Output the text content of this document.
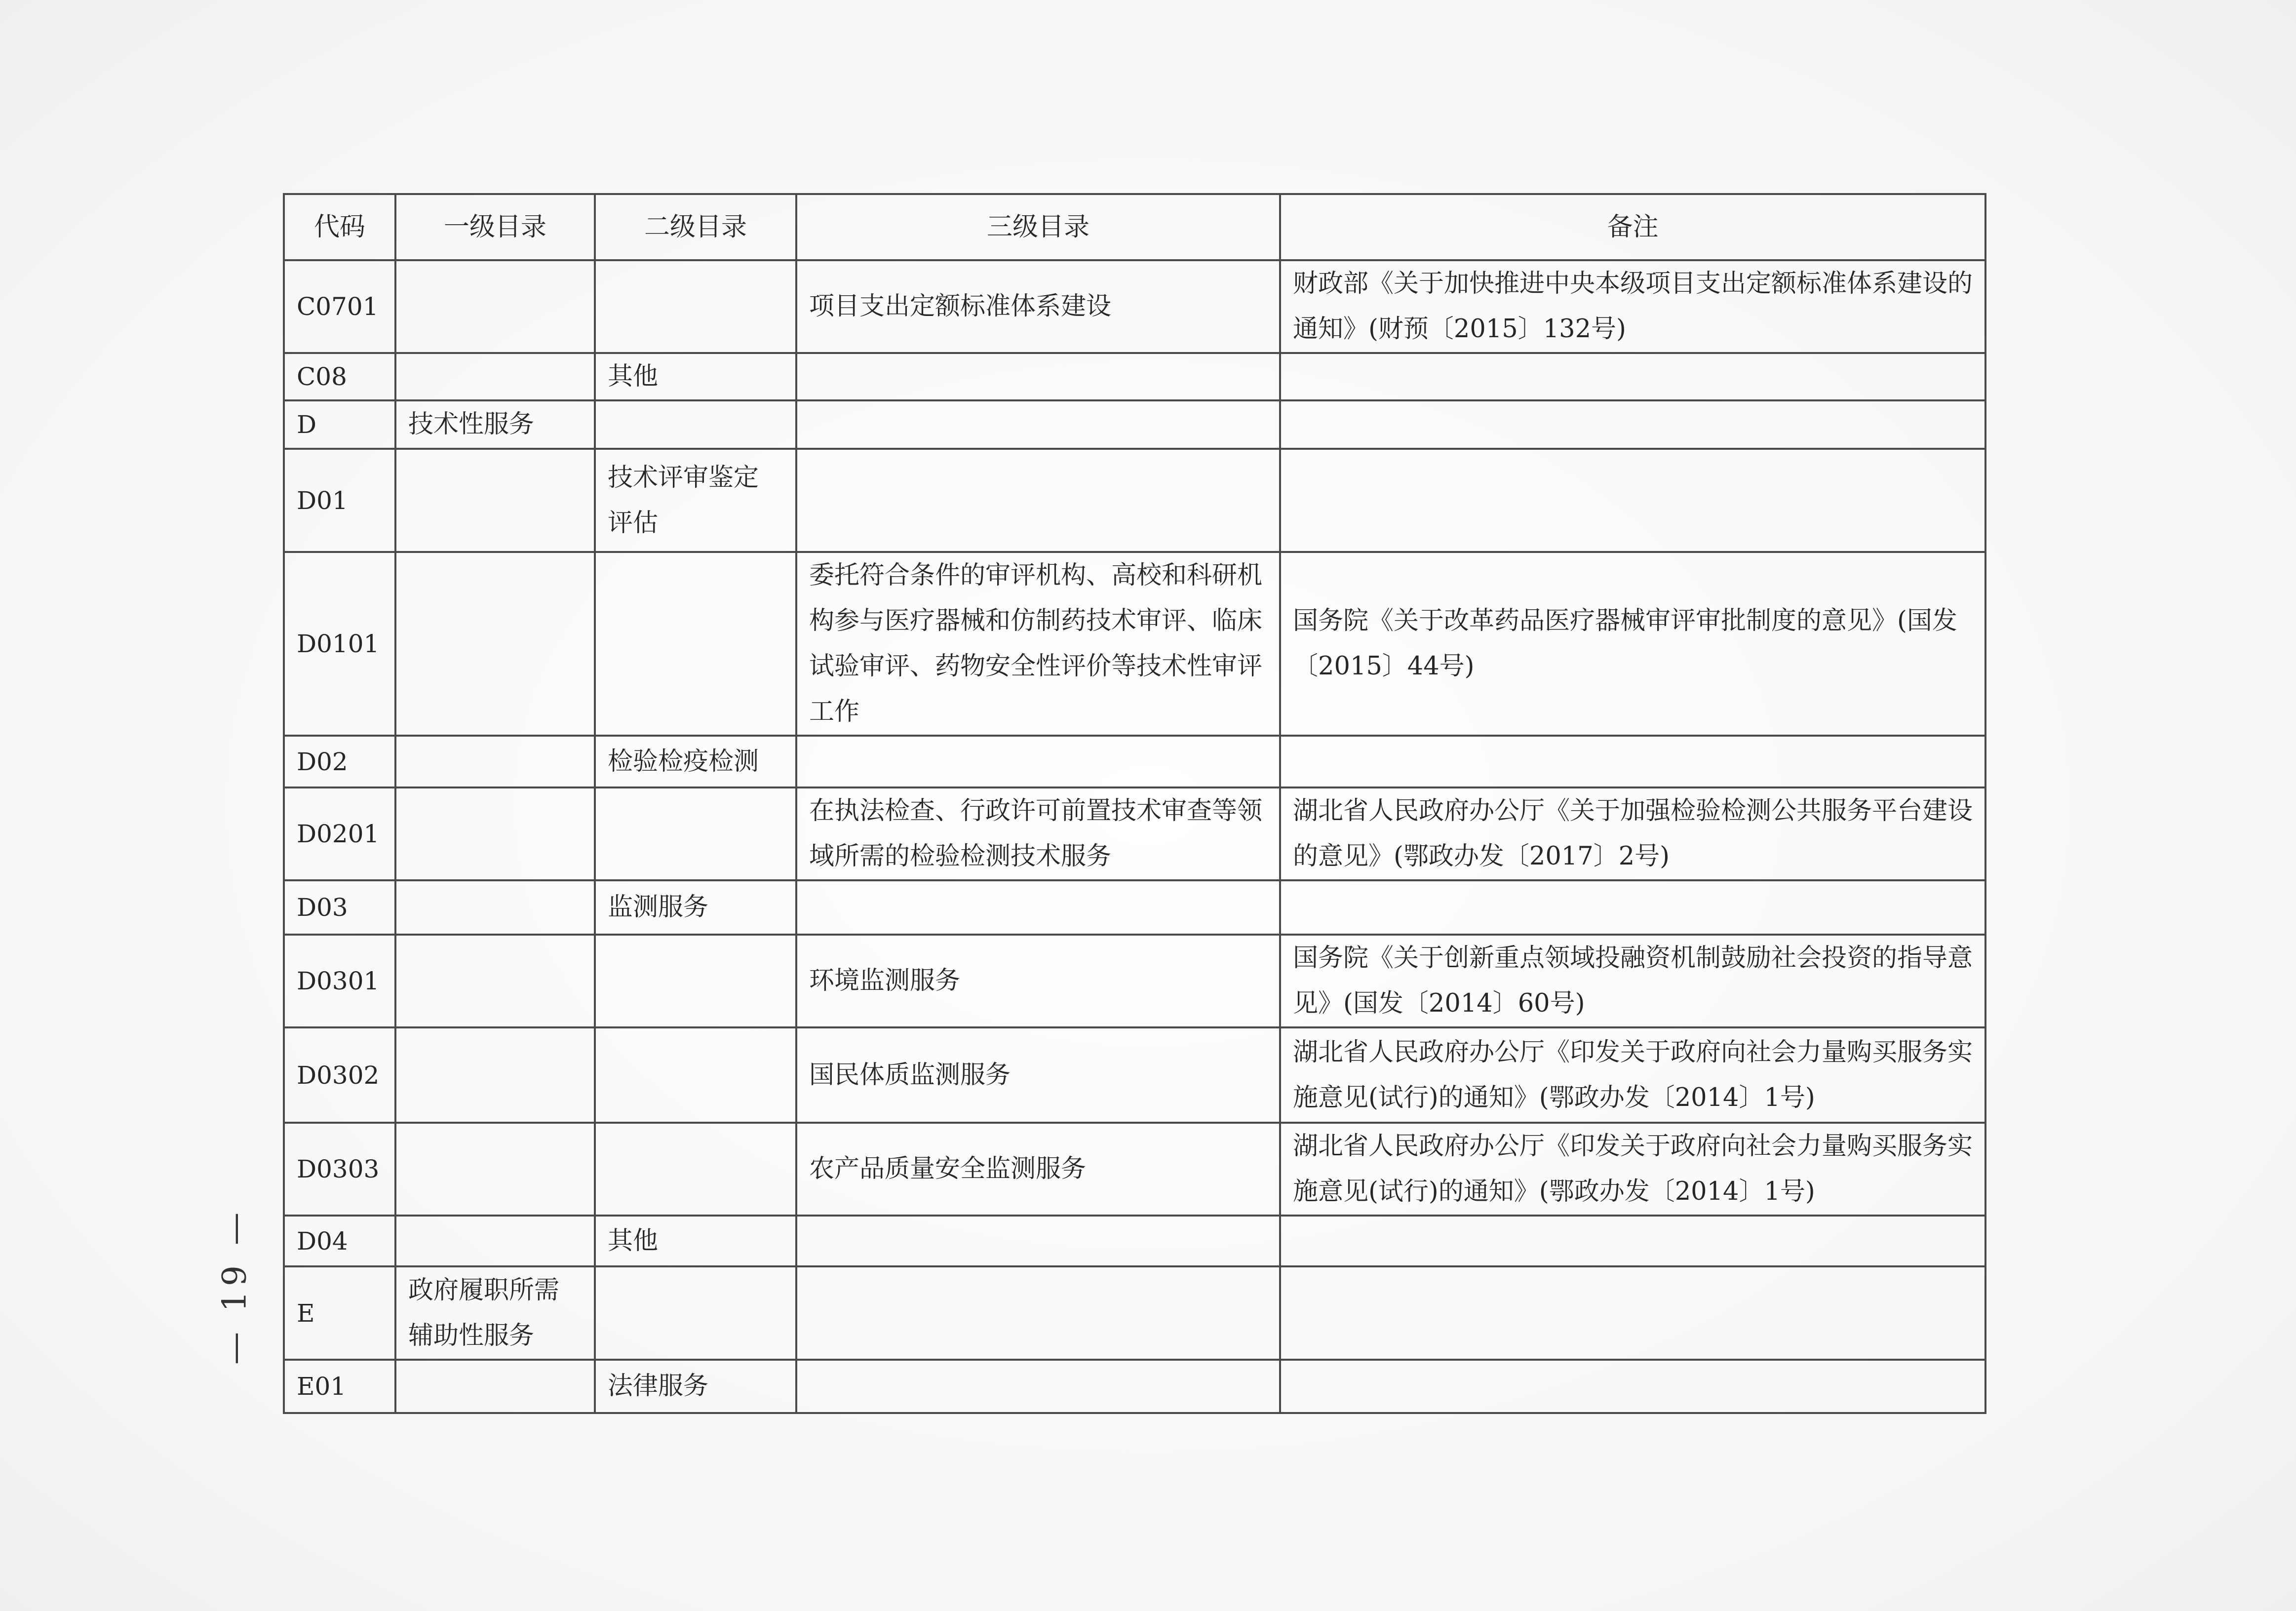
代码	一级目录	二级目录	三级目录	备注
C0701			项目支出定额标准体系建设	财政部《关于加快推进中央本级项目支出定额标准体系建设的通知》(财预〔2015〕132号)
C08		其他		
D	技术性服务			
D01		技术评审鉴定评估		
D0101			委托符合条件的审评机构、高校和科研机构参与医疗器械和仿制药技术审评、临床试验审评、药物安全性评价等技术性审评工作	国务院《关于改革药品医疗器械审评审批制度的意见》(国发〔2015〕44号)
D02		检验检疫检测		
D0201			在执法检查、行政许可前置技术审查等领域所需的检验检测技术服务	湖北省人民政府办公厅《关于加强检验检测公共服务平台建设的意见》(鄂政办发〔2017〕2号)
D03		监测服务		
D0301			环境监测服务	国务院《关于创新重点领域投融资机制鼓励社会投资的指导意见》(国发〔2014〕60号)
D0302			国民体质监测服务	湖北省人民政府办公厅《印发关于政府向社会力量购买服务实施意见(试行)的通知》(鄂政办发〔2014〕1号)
D0303			农产品质量安全监测服务	湖北省人民政府办公厅《印发关于政府向社会力量购买服务实施意见(试行)的通知》(鄂政办发〔2014〕1号)
D04		其他		
E	政府履职所需辅助性服务			
E01		法律服务		
— 19 —
